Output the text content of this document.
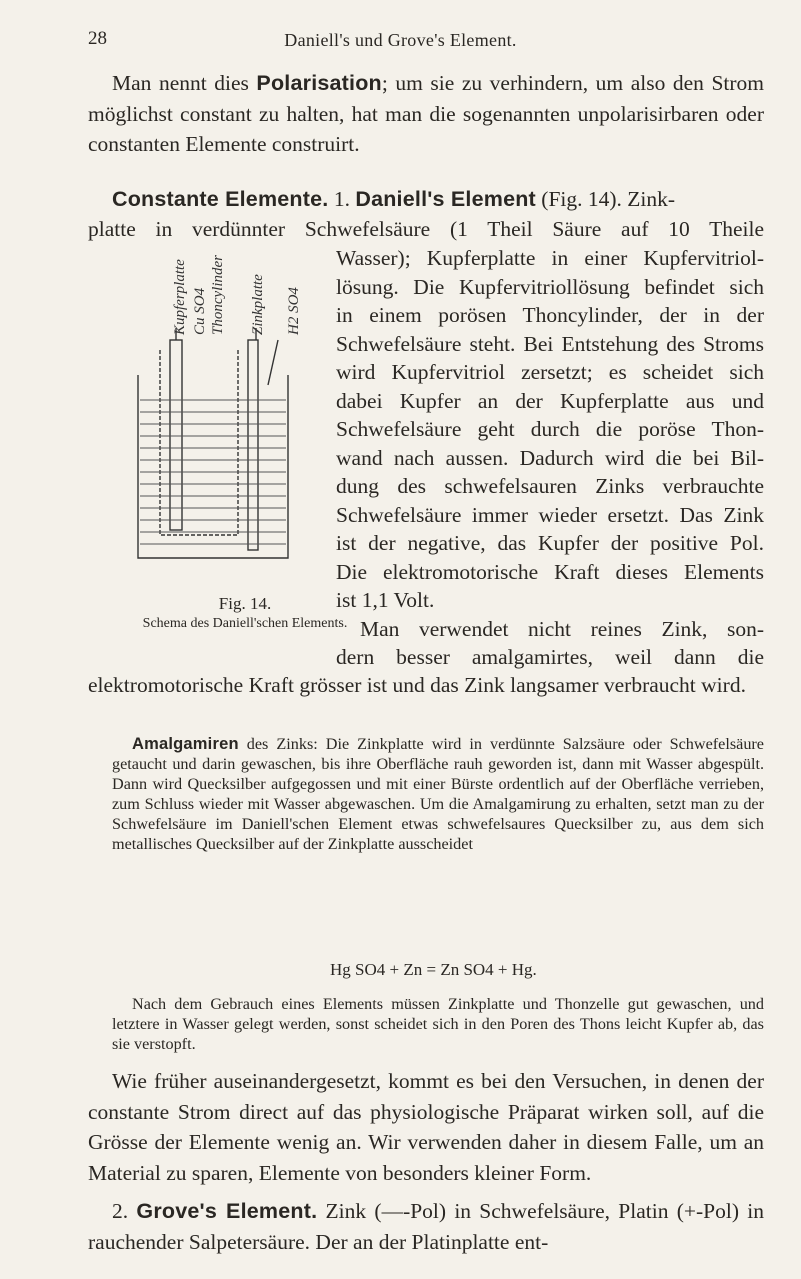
28	Daniell's und Grove's Element.

Man nennt dies Polarisation; um sie zu verhindern, um also den Strom möglichst constant zu halten, hat man die sogenannten unpolarisirbaren oder constanten Elemente construirt.

Constante Elemente. 1. Daniell's Element (Fig. 14). Zink-
platte in verdünnter Schwefelsäure (1 Theil Säure auf 10 Theile
Wasser); Kupferplatte in einer Kupfervitriol-
lösung. Die Kupfervitriollösung befindet sich
in einem porösen Thoncylinder, der in der
Schwefelsäure steht. Bei Entstehung des Stroms
wird Kupfervitriol zersetzt; es scheidet sich
dabei Kupfer an der Kupferplatte aus und
Schwefelsäure geht durch die poröse Thon-
wand nach aussen. Dadurch wird die bei Bil-
dung des schwefelsauren Zinks verbrauchte
Schwefelsäure immer wieder ersetzt. Das Zink
ist der negative, das Kupfer der positive Pol.
Die elektromotorische Kraft dieses Elements
ist 1,1 Volt.
Man verwendet nicht reines Zink, son-
dern besser amalgamirtes, weil dann die
elektromotorische Kraft grösser ist und das Zink langsamer verbraucht wird.
Kupferplatte Cu SO4 Thoncylinder Zinkplatte H2 SO4
Fig. 14.
Schema des Daniell'schen Elements.

Amalgamiren des Zinks: Die Zinkplatte wird in verdünnte Salzsäure oder Schwefelsäure getaucht und darin gewaschen, bis ihre Oberfläche rauh geworden ist, dann mit Wasser abgespült. Dann wird Quecksilber aufgegossen und mit einer Bürste ordentlich auf der Oberfläche verrieben, zum Schluss wieder mit Wasser abgewaschen. Um die Amalgamirung zu erhalten, setzt man zu der Schwefelsäure im Daniell'schen Element etwas schwefelsaures Quecksilber zu, aus dem sich metallisches Quecksilber auf der Zinkplatte ausscheidet

Hg SO4 + Zn = Zn SO4 + Hg.

Nach dem Gebrauch eines Elements müssen Zinkplatte und Thonzelle gut gewaschen, und letztere in Wasser gelegt werden, sonst scheidet sich in den Poren des Thons leicht Kupfer ab, das sie verstopft.

Wie früher auseinandergesetzt, kommt es bei den Versuchen, in denen der constante Strom direct auf das physiologische Präparat wirken soll, auf die Grösse der Elemente wenig an. Wir verwenden daher in diesem Falle, um an Material zu sparen, Elemente von besonders kleiner Form.

2. Grove's Element. Zink (—-Pol) in Schwefelsäure, Platin (+-Pol) in rauchender Salpetersäure. Der an der Platinplatte ent-
